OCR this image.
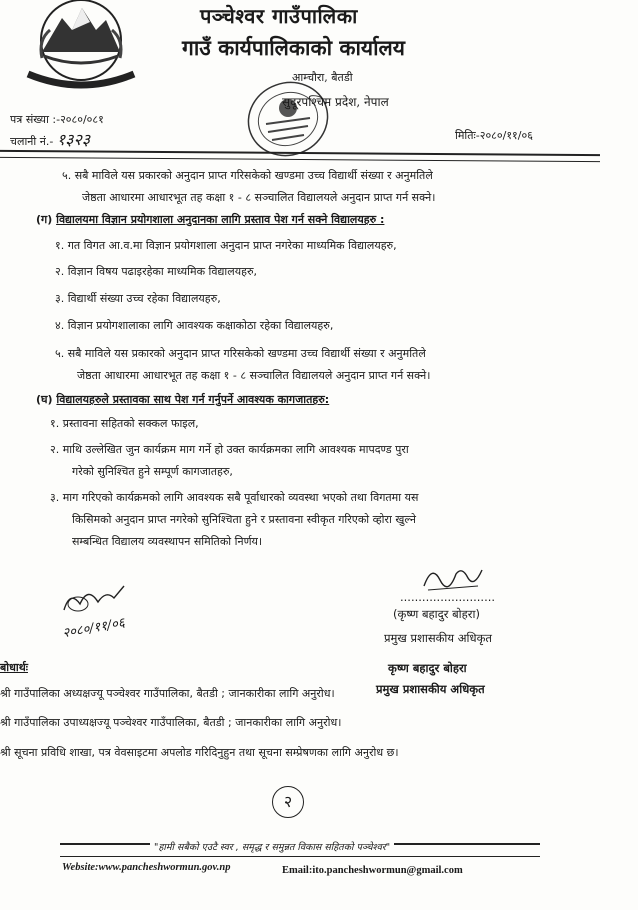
पञ्चेश्वर गाउँपालिका
गाउँ कार्यपालिकाको कार्यालय
आम्चौरा, बैतडी
सुदूरपश्चिम प्रदेश, नेपाल
पत्र संख्या :-२०८०/०८१
चलानी नं.- १३२३	मितिः-२०८०/११/०६
५. सबै माविले यस प्रकारको अनुदान प्राप्त गरिसकेको खण्डमा उच्च विद्यार्थी संख्या र अनुमतिले
जेष्ठता आधारमा आधारभूत तह कक्षा १ - ८ सञ्चालित विद्यालयले अनुदान प्राप्त गर्न सक्ने।
(ग) विद्यालयमा विज्ञान प्रयोगशाला अनुदानका लागि प्रस्ताव पेश गर्न सक्ने विद्यालयहरु :
१. गत विगत आ.व.मा विज्ञान प्रयोगशाला अनुदान प्राप्त नगरेका माध्यमिक विद्यालयहरु,
२. विज्ञान विषय पढाइरहेका माध्यमिक विद्यालयहरु,
३. विद्यार्थी संख्या उच्च रहेका विद्यालयहरु,
४. विज्ञान प्रयोगशालाका लागि आवश्यक कक्षाकोठा रहेका विद्यालयहरु,
५. सबै माविले यस प्रकारको अनुदान प्राप्त गरिसकेको खण्डमा उच्च विद्यार्थी संख्या र अनुमतिले
जेष्ठता आधारमा आधारभूत तह कक्षा १ - ८ सञ्चालित विद्यालयले अनुदान प्राप्त गर्न सक्ने।
(घ) विद्यालयहरुले प्रस्तावका साथ पेश गर्न गर्नुपर्ने आवश्यक कागजातहरु:
१. प्रस्तावना सहितको सक्कल फाइल,
२. माथि उल्लेखित जुन कार्यक्रम माग गर्ने हो उक्त कार्यक्रमका लागि आवश्यक मापदण्ड पुरा
गरेको सुनिश्चित हुने सम्पूर्ण कागजातहरु,
३. माग गरिएको कार्यक्रमको लागि आवश्यक सबै पूर्वाधारको व्यवस्था भएको तथा विगतमा यस
किसिमको अनुदान प्राप्त नगरेको सुनिश्चिता हुने र प्रस्तावना स्वीकृत गरिएको व्होरा खुल्ने
सम्बन्धित विद्यालय व्यवस्थापन समितिको निर्णय।
..........................
(कृष्ण बहादुर बोहरा)
प्रमुख प्रशासकीय अधिकृत
कृष्ण बहादुर बोहरा
प्रमुख प्रशासकीय अधिकृत
२०८०/११/०६
बोधार्थः
श्री गाउँपालिका अध्यक्षज्यू पञ्चेश्वर गाउँपालिका, बैतडी ; जानकारीका लागि अनुरोध।
श्री गाउँपालिका उपाध्यक्षज्यू पञ्चेश्वर गाउँपालिका, बैतडी ; जानकारीका लागि अनुरोध।
श्री सूचना प्रविधि शाखा, पत्र वेवसाइटमा अपलोड गरिदिनुहुन तथा सूचना सम्प्रेषणका लागि अनुरोध छ।
२
"हामी सबैको एउटै स्वर , समृद्ध र समुन्नत विकास सहितको पञ्चेश्वर"
Website:www.pancheshwormun.gov.np	Email:ito.pancheshwormun@gmail.com
